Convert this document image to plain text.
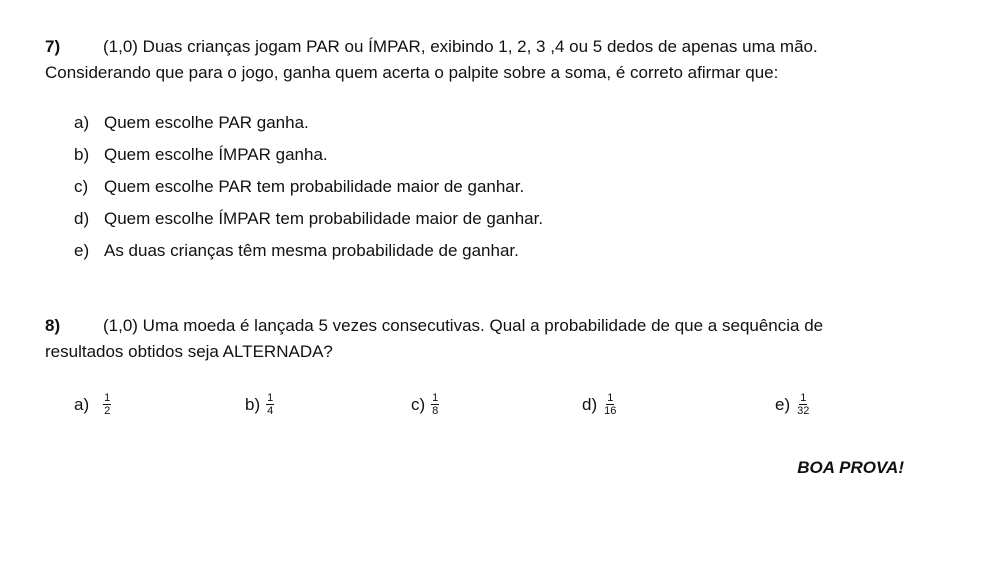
7)	(1,0) Duas crianças jogam PAR ou ÍMPAR, exibindo 1, 2, 3 ,4 ou 5 dedos de apenas uma mão.
Considerando que para o jogo, ganha quem acerta o palpite sobre a soma, é correto afirmar que:
a) Quem escolhe PAR ganha.
b) Quem escolhe ÍMPAR ganha.
c) Quem escolhe PAR tem probabilidade maior de ganhar.
d) Quem escolhe ÍMPAR tem probabilidade maior de ganhar.
e) As duas crianças têm mesma probabilidade de ganhar.
8)	(1,0) Uma moeda é lançada 5 vezes consecutivas. Qual a probabilidade de que a sequência de
resultados obtidos seja ALTERNADA?
$a) \frac{1}{2}$	$b) \frac{1}{4}$	$c) \frac{1}{8}$	$d) \frac{1}{16}$	$e) \frac{1}{32}$
BOA PROVA!
